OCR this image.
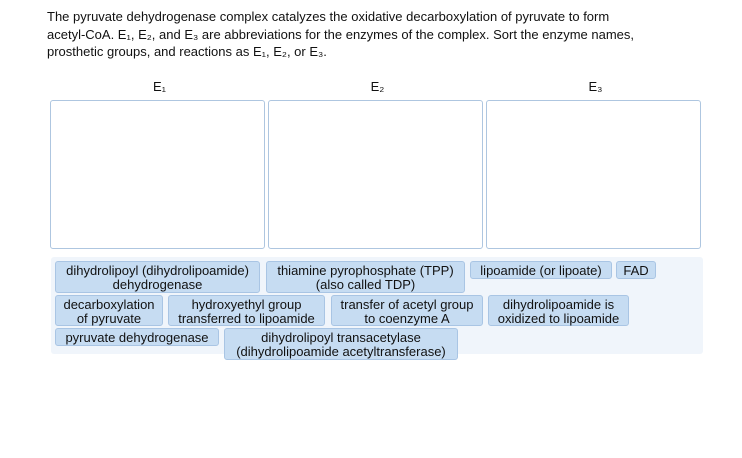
The pyruvate dehydrogenase complex catalyzes the oxidative decarboxylation of pyruvate to form
acetyl-CoA. E₁, E₂, and E₃ are abbreviations for the enzymes of the complex. Sort the enzyme names,
prosthetic groups, and reactions as E₁, E₂, or E₃.
E₁	E₂	E₃
dihydrolipoyl (dihydrolipoamide)
dehydrogenase
thiamine pyrophosphate (TPP)
(also called TDP)
lipoamide (or lipoate)	FAD
decarboxylation
of pyruvate
hydroxyethyl group
transferred to lipoamide
transfer of acetyl group
to coenzyme A
dihydrolipoamide is
oxidized to lipoamide
pyruvate dehydrogenase	dihydrolipoyl transacetylase
(dihydrolipoamide acetyltransferase)
